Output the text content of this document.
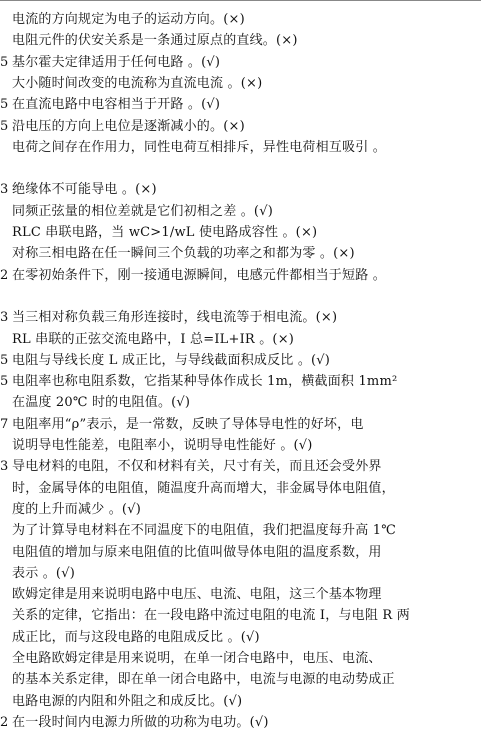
电流的方向规定为电子的运动方向。(×)
电阻元件的伏安关系是一条通过原点的直线。(×)
5 基尔霍夫定律适用于任何电路 。(√)
大小随时间改变的电流称为直流电流 。(×)
5 在直流电路中电容相当于开路 。(√)
5 沿电压的方向上电位是逐渐减小的。(×)
电荷之间存在作用力，同性电荷互相排斥，异性电荷相互吸引 。
3 绝缘体不可能导电 。(×)
同频正弦量的相位差就是它们初相之差 。(√)
RLC 串联电路，当 wC>1/wL 使电路成容性 。(×)
对称三相电路在任一瞬间三个负载的功率之和都为零 。(×)
2 在零初始条件下，刚一接通电源瞬间，电感元件都相当于短路 。
3 当三相对称负载三角形连接时，线电流等于相电流。(×)
RL 串联的正弦交流电路中，I 总=IL+IR 。(×)
5 电阻与导线长度 L 成正比，与导线截面积成反比 。(√)
5 电阻率也称电阻系数，它指某种导体作成长 1m，横截面积 1mm²
在温度 20℃ 时的电阻值。(√)
7 电阻率用“ρ”表示，是一常数，反映了导体导电性的好坏，电
说明导电性能差，电阻率小，说明导电性能好 。(√)
3 导电材料的电阻，不仅和材料有关，尺寸有关，而且还会受外界
时，金属导体的电阻值，随温度升高而增大，非金属导体电阻值，
度的上升而减少 。(√)
为了计算导电材料在不同温度下的电阻值，我们把温度每升高 1℃
电阻值的增加与原来电阻值的比值叫做导体电阻的温度系数，用
表示 。(√)
欧姆定律是用来说明电路中电压、电流、电阻，这三个基本物理
关系的定律，它指出：在一段电路中流过电阻的电流 I，与电阻 R 两
成正比，而与这段电路的电阻成反比 。(√)
全电路欧姆定律是用来说明，在单一闭合电路中，电压、电流、
的基本关系定律，即在单一闭合电路中，电流与电源的电动势成正
电路电源的内阻和外阻之和成反比。(√)
2 在一段时间内电源力所做的功称为电功。(√)
